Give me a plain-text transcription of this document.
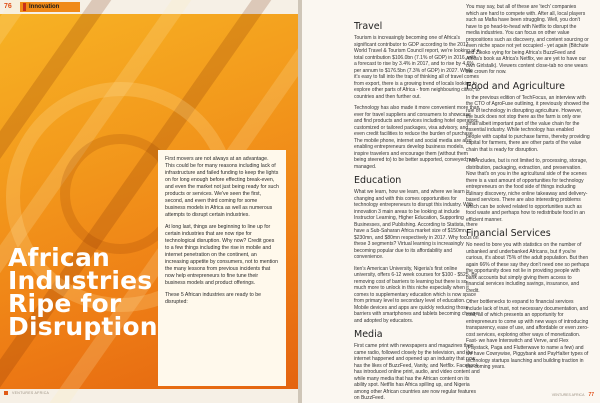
76	Innovation

First movers are not always at an advantage. This could be for many reasons including lack of infrastructure and failed funding to keep the lights on for long enough before effecting break-even, and even the market not just being ready for such products or services. We've seen the first, second, and even third coming for some business models in Africa as well as numerous attempts to disrupt certain industries.

At long last, things are beginning to line up for certain industries that are now ripe for technological disruption. Why now? Credit goes to a few things including the rise in mobile and internet penetration on the continent, an increasing appetite by consumers, not to mention the many lessons from previous incidents that now help entrepreneurs to fine tune their business models and product offerings.

These 5 African industries are ready to be disrupted:

African
Industries
Ripe for
Disruption
VENTURES AFRICA
Travel

Tourism is increasingly becoming one of Africa's significant contributor to GDP according to the 2017 World Travel & Tourism Council report, we're looking at a total contribution $106.0bn (7.1% of GDP) in 2016, with a forecast to rise by 3.4% in 2017, and to rise by 4.6% per annum to $176.5bn (7.3% of GDP) in 2027. While it's easy to fall into the trap of thinking all of travel comes from export, there is a growing trend of locals looking to explore other parts of Africa - from neighbouring cities, to countries and then further out.

Technology has also made it more convenient more than ever for travel suppliers and consumers to showcase and find products and services including hotel operators, customized or tailored packages, visa advisory, and even credit facilities to reduce the burden of purchase. The mobile phone, internet and social media are also enabling entrepreneurs develop business models, inspire travelers and encourage them (without them being steered to) to be better supported, conveyed, and managed.

Education

What we learn, how we learn, and where we learn is changing and with this comes opportunities for technology entrepreneurs to disrupt this industry. With innovation 3 main areas to be looking at include Instructor Learning, Higher Education, Supporting Businesses, and Publishing. According to Statista, there have a Sub-Saharan Africa market size of $150mn, $230mn, and $80mn respectively in 2017. Why focus on these 3 segments? Virtual learning is increasingly becoming popular due to its affordability and convenience.

Iten's American University, Nigeria's first online university, offers 6-12 week courses for $100 - $525. By removing cost of barriers to learning but there is so much more to unlock in this niche especially when it comes to supplementary education which is now space from primary level to secondary level of education. Mobile devices and apps are quickly reducing those barriers with smartphones and tablets becoming cheaper and adopted by educators.

Media

First came print with newspapers and magazines then came radio, followed closely by the television, and the internet happened and opened up an industry that now has the likes of BuzzFeed, Vanity, and Netflix. Facebook has introduced online print, audio, and video content and while many media that has the African content on its ability spot. Netflix has Africa spilling up, and Nigeria among other African countries are now regular features on BuzzFeed.

You may say, but all of these are 'tech' companies which are hard to compete with. After all, local players such as Mafia have been struggling. Well, you don't have to go head-to-head with Netflix to disrupt the media industries. You can focus on other value propositions such as discovery, and content sourcing or even niche space not yet occupied - yet again (Bitchute and Zikoko vying for being Africa's BuzzFeed and Africa's book as Africa's Netflix, we are yet to have our own Girlstalk). Viewers content close-tab no one wears the crown for now.

Food and Agriculture

In the previous edition of TechFocus, an interview with the CTO of AgroFuse outlining, it previously showed the rule of technology in disrupting agriculture. However, the buck does not stop there as the farm is only one small albeit important part of the value chain for the essential industry. While technology has enabled people with capital to purchase farms, thereby providing capital for farmers, there are other parts of the value chain that is ready for disruption.

This includes, but is not limited to, processing, storage, distribution, packaging, extraction, and preservation. Now that's on you in the agricultural side of the scenes there is a vast amount of opportunities for technology entrepreneurs on the food side of things including culinary discovery, niche online takeaway and delivery-based services. There are also interesting problems which can be solved related to opportunities such as food waste and perhaps how to redistribute food in an efficient manner.

Financial Services

No need to bore you with statistics on the number of unbanked and underbanked Africans, but if you're curious, it's about 75% of the adult population. But then again 66% of these say they don't need one so perhaps the opportunity does not lie in providing people with bank accounts but simply giving them access to financial services including savings, insurance, and credit.

Other bottlenecks to expand to financial services include lack of trust, not necessary documentation, and cost, all of which presents an opportunity for entrepreneurs to come up with new ways of introducing transparency, ease of use, and affordable or even zero-cost services, exploring other ways of monetization. Fast- we have Interswitch and Verve, and Flex (Paystack, Paga and Flutterwave to name a few) and we have Cowrywise, Piggybank and PayHalter types of technology startups launching and building traction in the coming years.

VENTURES AFRICA 77
